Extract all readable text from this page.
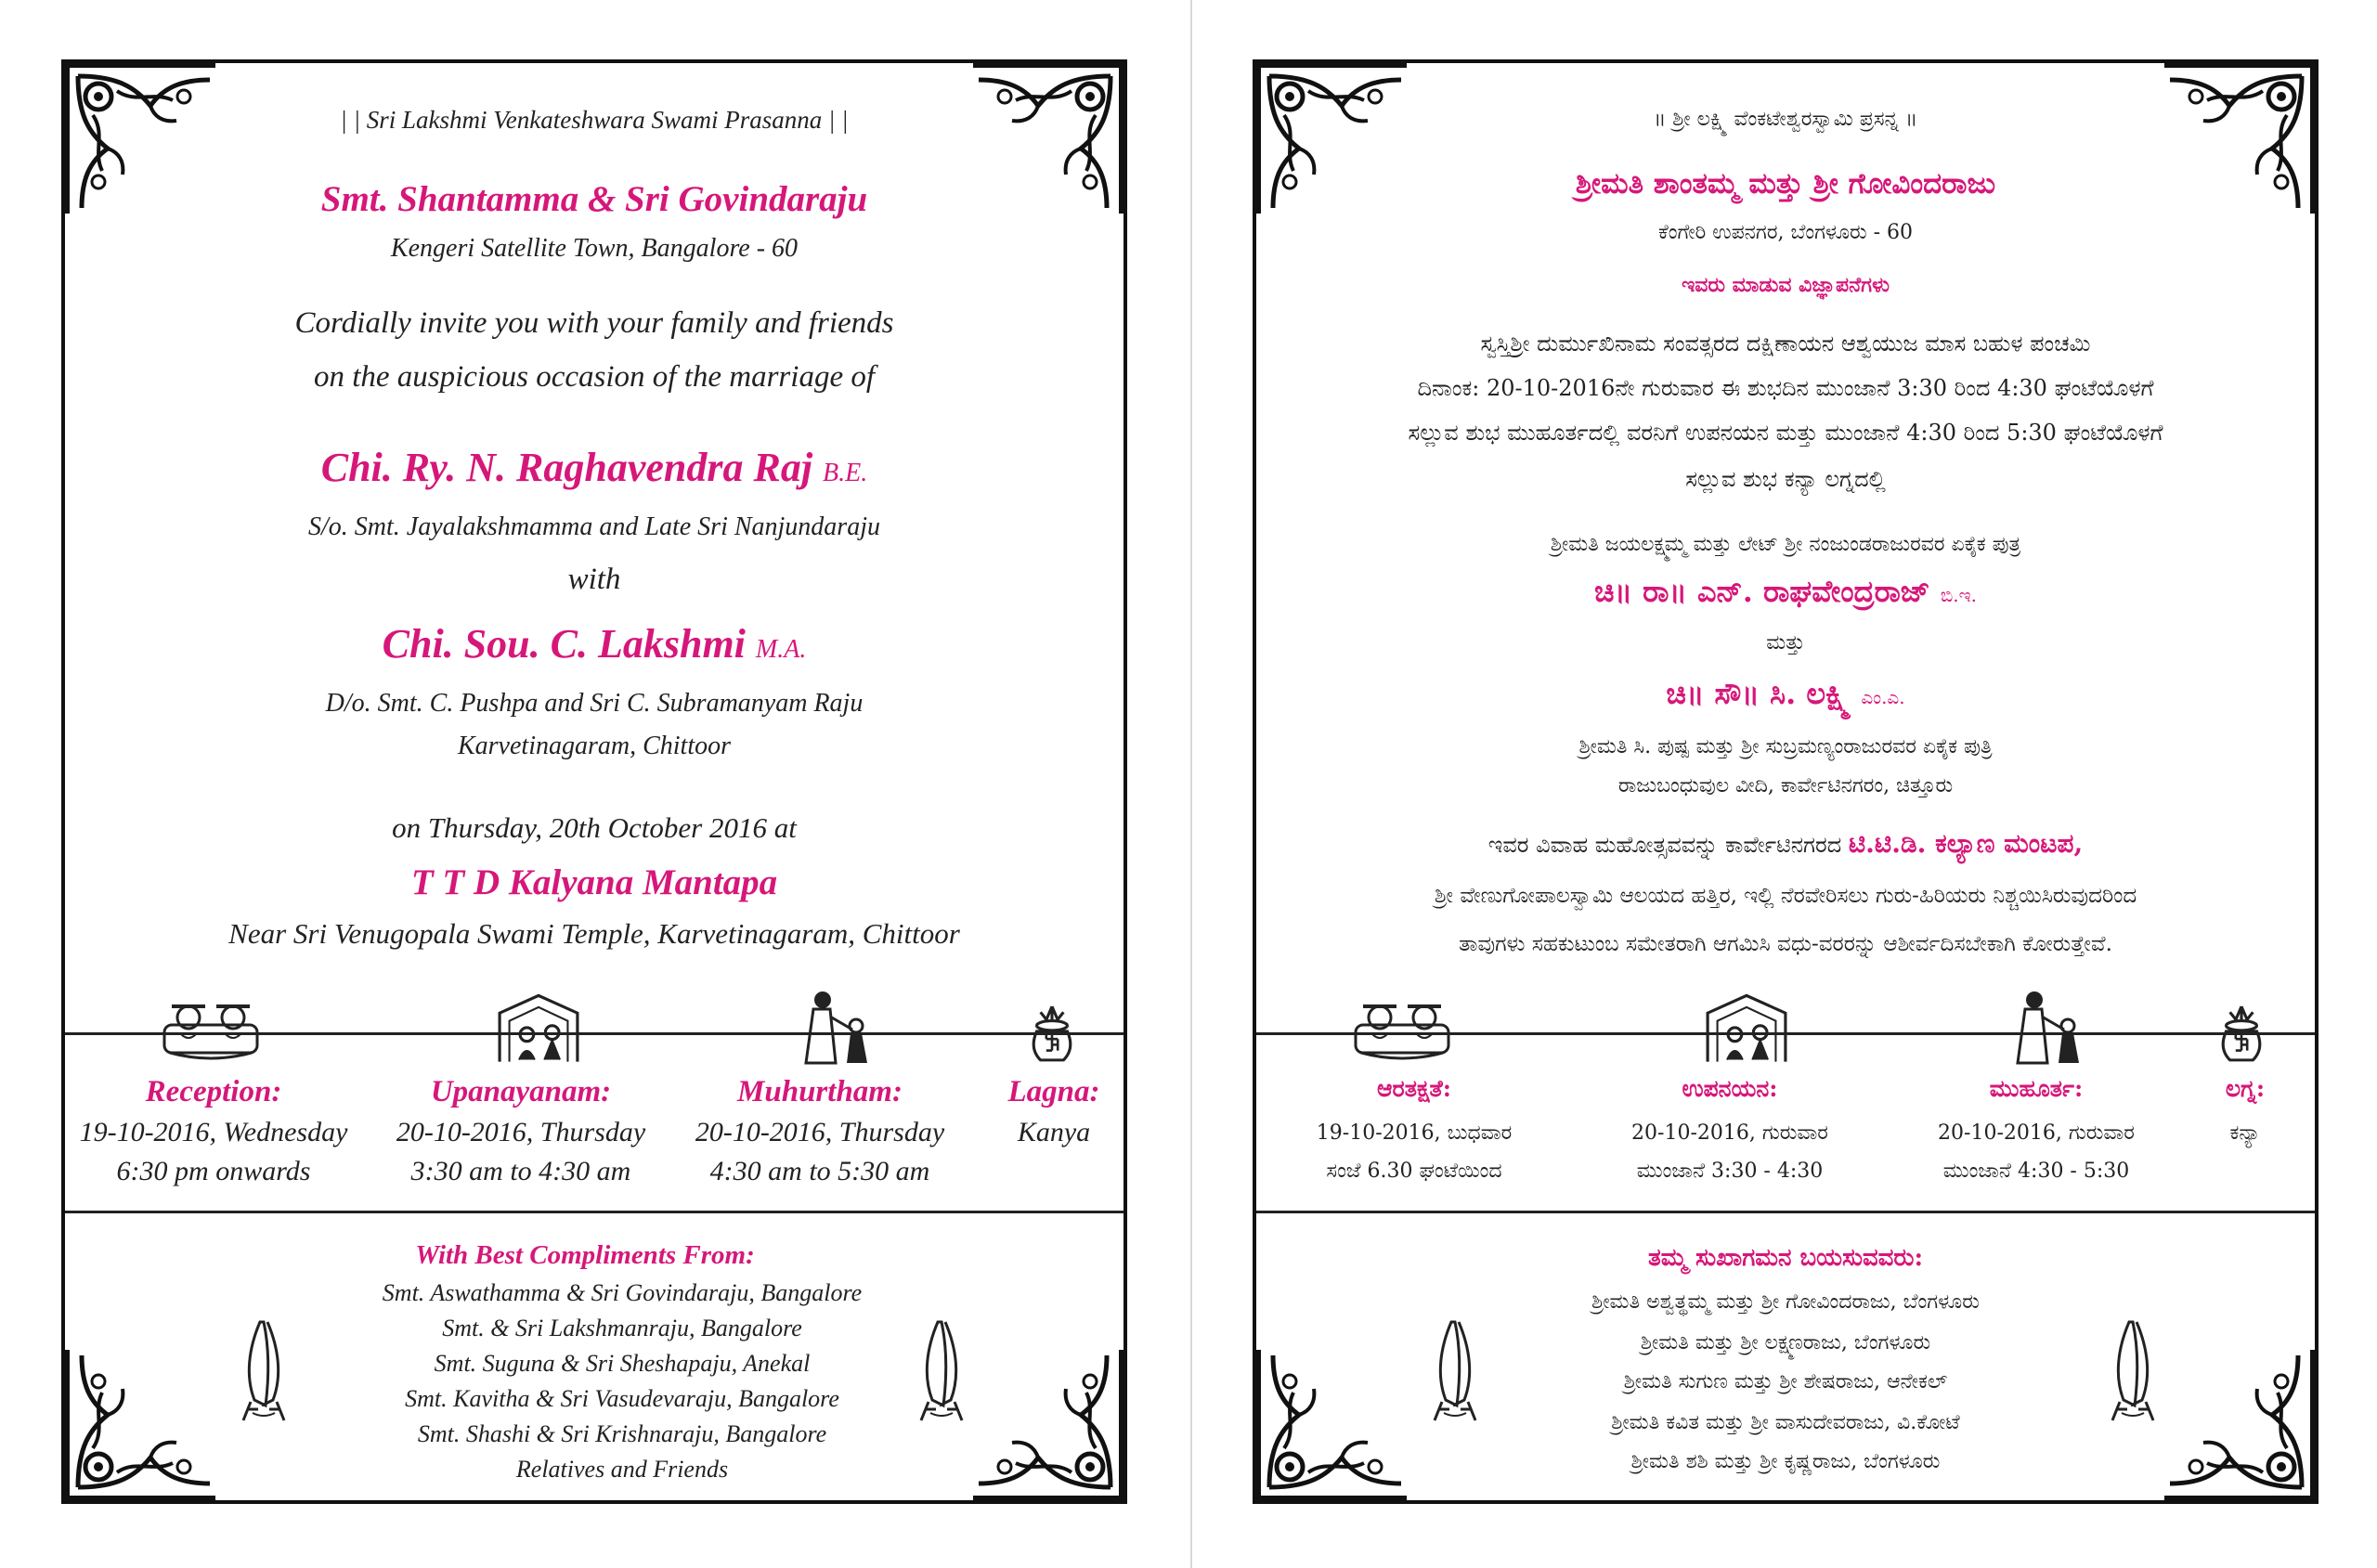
| | Sri Lakshmi Venkateshwara Swami Prasanna | |
Smt. Shantamma & Sri Govindaraju
Kengeri Satellite Town, Bangalore - 60
Cordially invite you with your family and friends
on the auspicious occasion of the marriage of
Chi. Ry. N. Raghavendra Raj B.E.
S/o. Smt. Jayalakshmamma and Late Sri Nanjundaraju
with
Chi. Sou. C. Lakshmi M.A.
D/o. Smt. C. Pushpa and Sri C. Subramanyam Raju
Karvetinagaram, Chittoor
on Thursday, 20th October 2016 at
T T D Kalyana Mantapa
Near Sri Venugopala Swami Temple, Karvetinagaram, Chittoor
Reception:
19-10-2016, Wednesday
6:30 pm onwards
Upanayanam:
20-10-2016, Thursday
3:30 am to 4:30 am
Muhurtham:
20-10-2016, Thursday
4:30 am to 5:30 am
Lagna:
Kanya
With Best Compliments From:
Smt. Aswathamma & Sri Govindaraju, Bangalore
Smt. & Sri Lakshmanraju, Bangalore
Smt. Suguna & Sri Sheshараju, Anekal
Smt. Kavitha & Sri Vasudevaraju, Bangalore
Smt. Shashi & Sri Krishnaraju, Bangalore
Relatives and Friends
॥ ಶ್ರೀ ಲಕ್ಷ್ಮಿ ವೆಂಕಟೇಶ್ವರಸ್ವಾಮಿ ಪ್ರಸನ್ನ ॥
ಶ್ರೀಮತಿ ಶಾಂತಮ್ಮ ಮತ್ತು ಶ್ರೀ ಗೋವಿಂದರಾಜು
ಕೆಂಗೇರಿ ಉಪನಗರ, ಬೆಂಗಳೂರು - 60
ಇವರು ಮಾಡುವ ವಿಜ್ಞಾಪನೆಗಳು
ಸ್ವಸ್ತಿಶ್ರೀ ದುರ್ಮುಖಿನಾಮ ಸಂವತ್ಸರದ ದಕ್ಷಿಣಾಯನ ಆಶ್ವಯುಜ ಮಾಸ ಬಹುಳ ಪಂಚಮಿ
ದಿನಾಂಕ: 20-10-2016ನೇ ಗುರುವಾರ ಈ ಶುಭದಿನ ಮುಂಜಾನೆ 3:30 ರಿಂದ 4:30 ಘಂಟೆಯೊಳಗೆ
ಸಲ್ಲುವ ಶುಭ ಮುಹೂರ್ತದಲ್ಲಿ ವರನಿಗೆ ಉಪನಯನ ಮತ್ತು ಮುಂಜಾನೆ 4:30 ರಿಂದ 5:30 ಘಂಟೆಯೊಳಗೆ
ಸಲ್ಲುವ ಶುಭ ಕನ್ಯಾ ಲಗ್ನದಲ್ಲಿ
ಶ್ರೀಮತಿ ಜಯಲಕ್ಷ್ಮಮ್ಮ ಮತ್ತು ಲೇಟ್ ಶ್ರೀ ನಂಜುಂಡರಾಜುರವರ ಏಕೈಕ ಪುತ್ರ
ಚಿ॥ ರಾ॥ ಎನ್. ರಾಘವೇಂದ್ರರಾಜ್ ಬಿ.ಇ.
ಮತ್ತು
ಚಿ॥ ಸೌ॥ ಸಿ. ಲಕ್ಷ್ಮಿ ಎಂ.ಎ.
ಶ್ರೀಮತಿ ಸಿ. ಪುಷ್ಪ ಮತ್ತು ಶ್ರೀ ಸುಬ್ರಮಣ್ಯಂರಾಜುರವರ ಏಕೈಕ ಪುತ್ರಿ
ರಾಜುಬಂಧುವುಲ ವೀದಿ, ಕಾರ್ವೇಟಿನಗರಂ, ಚಿತ್ತೂರು
ಇವರ ವಿವಾಹ ಮಹೋತ್ಸವವನ್ನು ಕಾರ್ವೇಟಿನಗರದ ಟಿ.ಟಿ.ಡಿ. ಕಲ್ಯಾಣ ಮಂಟಪ,
ಶ್ರೀ ವೇಣುಗೋಪಾಲಸ್ವಾಮಿ ಆಲಯದ ಹತ್ತಿರ, ಇಲ್ಲಿ ನೆರವೇರಿಸಲು ಗುರು-ಹಿರಿಯರು ನಿಶ್ಚಯಿಸಿರುವುದರಿಂದ
ತಾವುಗಳು ಸಹಕುಟುಂಬ ಸಮೇತರಾಗಿ ಆಗಮಿಸಿ ವಧು-ವರರನ್ನು ಆಶೀರ್ವದಿಸಬೇಕಾಗಿ ಕೋರುತ್ತೇವೆ.
ಆರತಕ್ಷತೆ:
19-10-2016, ಬುಧವಾರ
ಸಂಜೆ 6.30 ಘಂಟೆಯಿಂದ
ಉಪನಯನ:
20-10-2016, ಗುರುವಾರ
ಮುಂಜಾನೆ 3:30 - 4:30
ಮುಹೂರ್ತ:
20-10-2016, ಗುರುವಾರ
ಮುಂಜಾನೆ 4:30 - 5:30
ಲಗ್ನ:
ಕನ್ಯಾ
ತಮ್ಮ ಸುಖಾಗಮನ ಬಯಸುವವರು:
ಶ್ರೀಮತಿ ಅಶ್ವತ್ಥಮ್ಮ ಮತ್ತು ಶ್ರೀ ಗೋವಿಂದರಾಜು, ಬೆಂಗಳೂರು
ಶ್ರೀಮತಿ ಮತ್ತು ಶ್ರೀ ಲಕ್ಷ್ಮಣರಾಜು, ಬೆಂಗಳೂರು
ಶ್ರೀಮತಿ ಸುಗುಣ ಮತ್ತು ಶ್ರೀ ಶೇಷರಾಜು, ಆನೇಕಲ್
ಶ್ರೀಮತಿ ಕವಿತ ಮತ್ತು ಶ್ರೀ ವಾಸುದೇವರಾಜು, ವಿ.ಕೋಟೆ
ಶ್ರೀಮತಿ ಶಶಿ ಮತ್ತು ಶ್ರೀ ಕೃಷ್ಣರಾಜು, ಬೆಂಗಳೂರು
